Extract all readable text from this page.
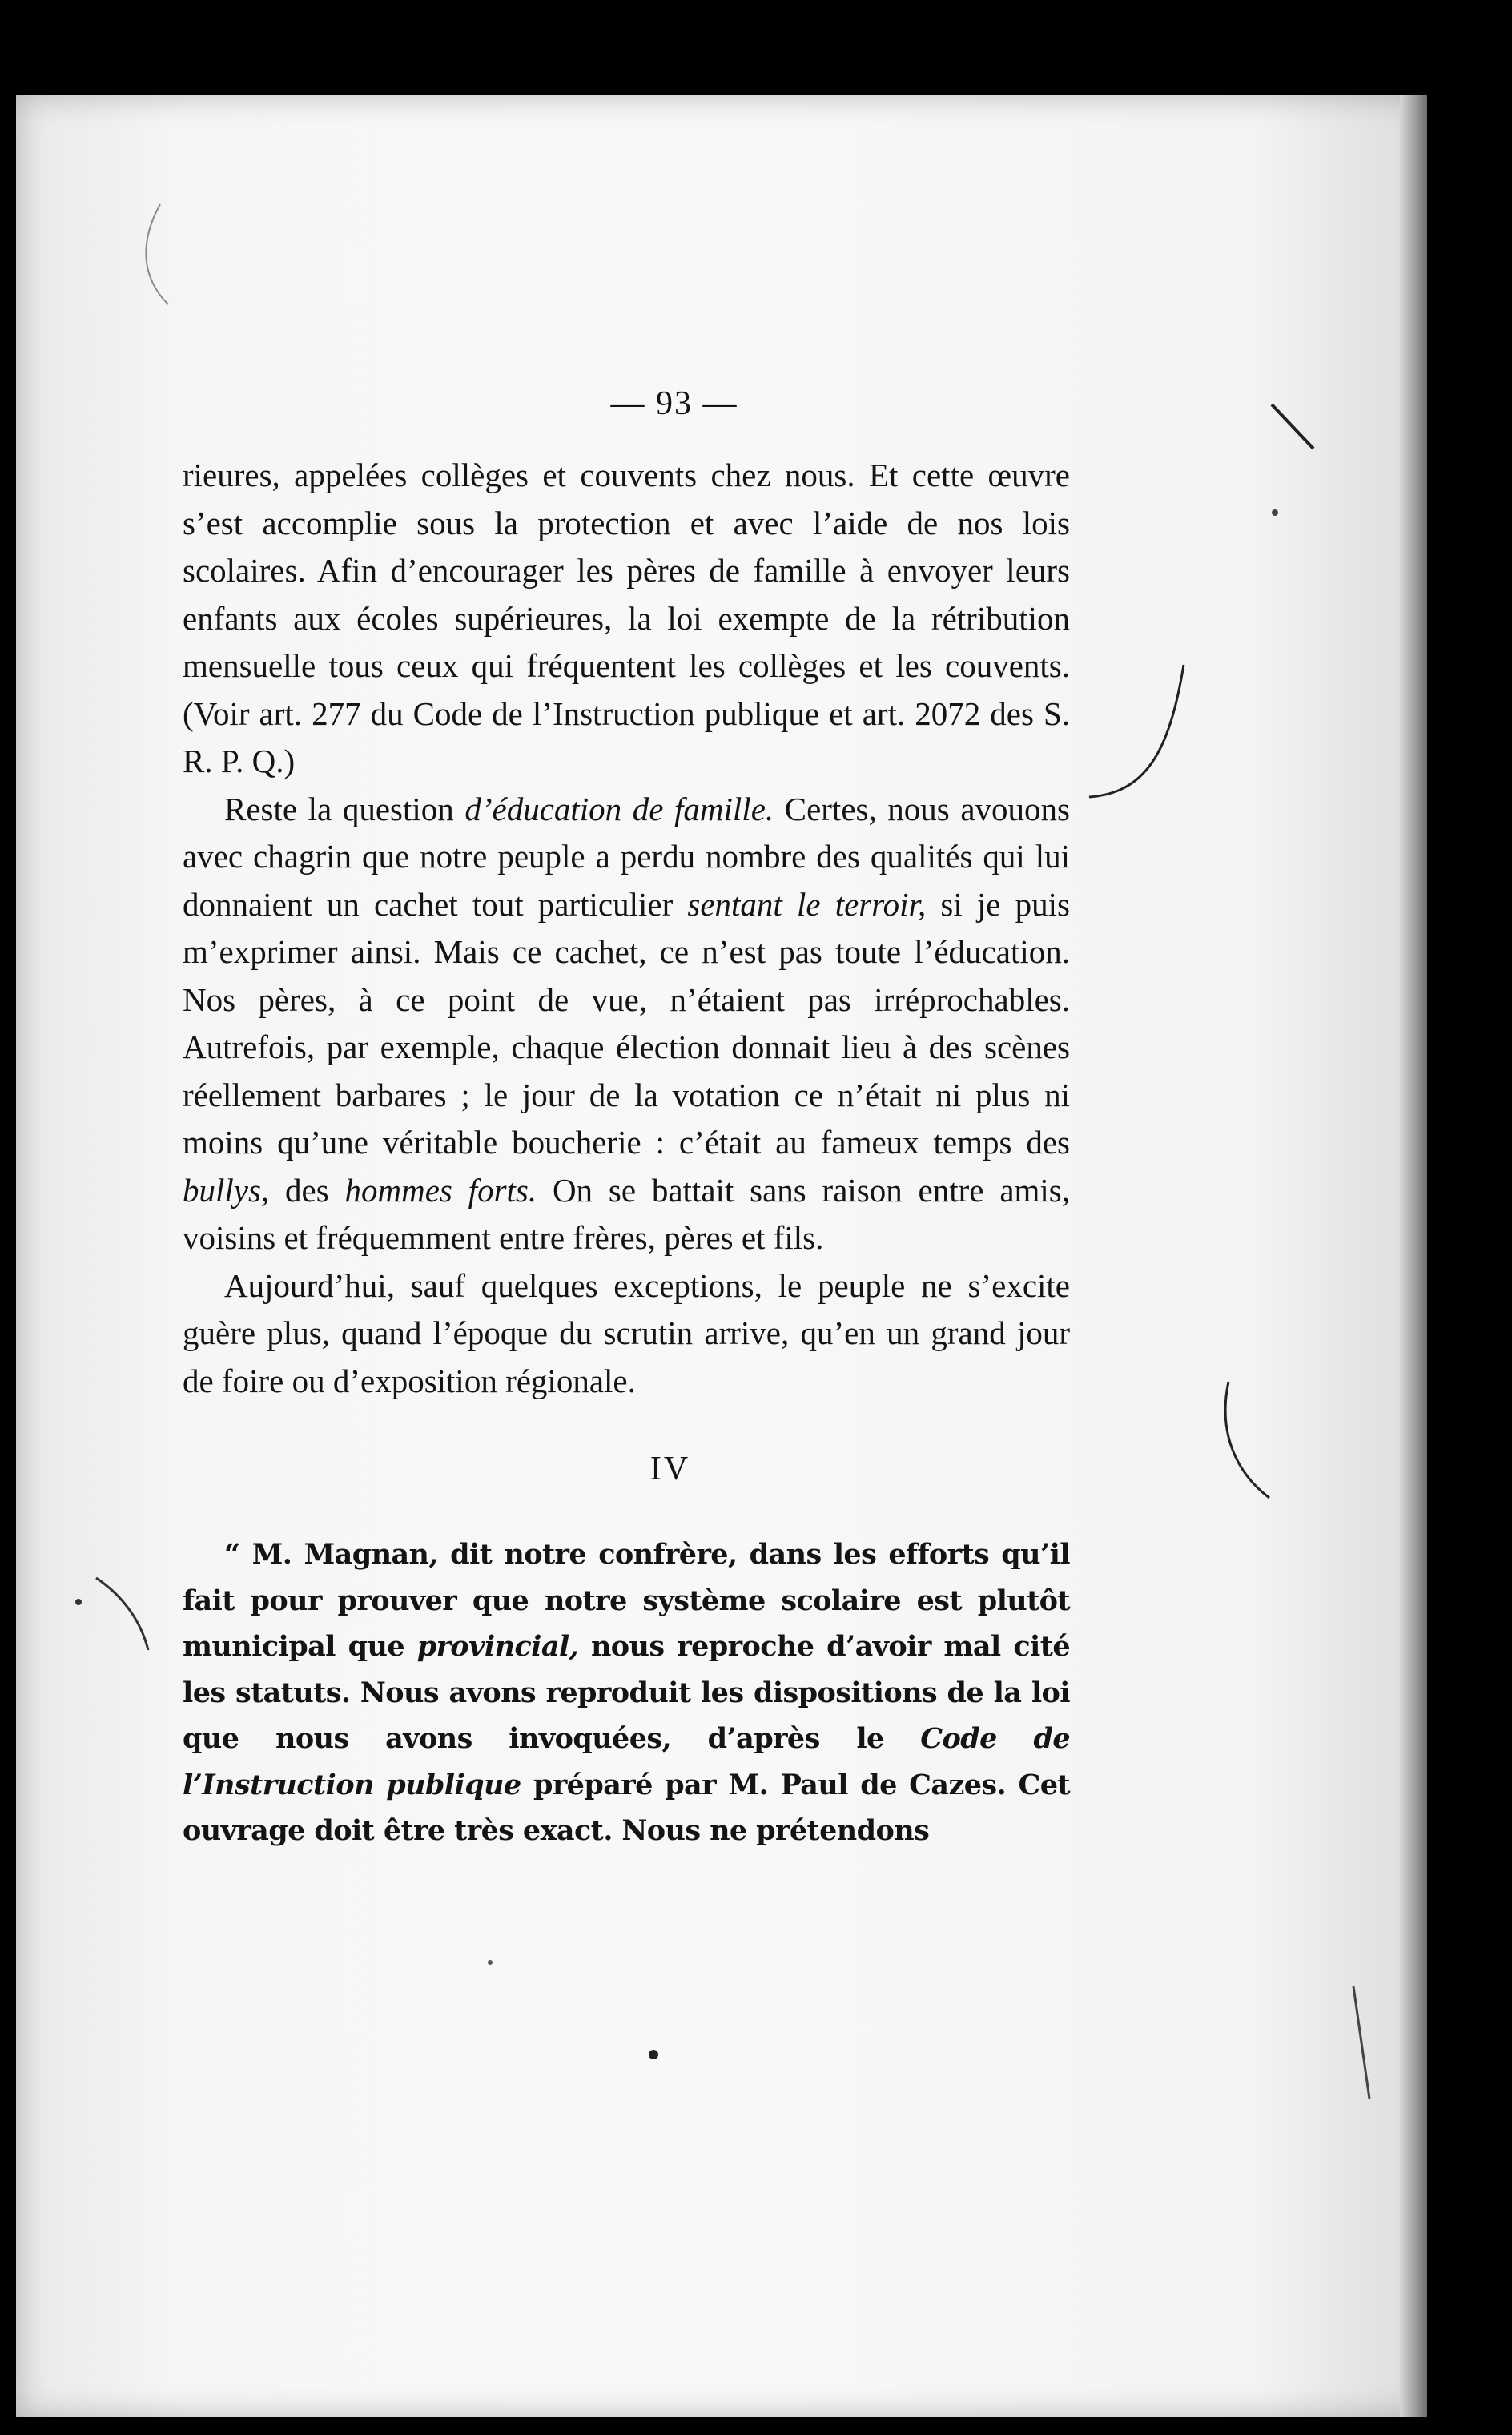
— 93 —

rieures, appelées collèges et couvents chez nous. Et cette œuvre s’est accomplie sous la protection et avec l’aide de nos lois scolaires. Afin d’encourager les pères de famille à envoyer leurs enfants aux écoles supérieures, la loi exempte de la rétribution mensuelle tous ceux qui fréquentent les collèges et les couvents. (Voir art. 277 du Code de l’Instruction publique et art. 2072 des S. R. P. Q.)

Reste la question d’éducation de famille. Certes, nous avouons avec chagrin que notre peuple a perdu nombre des qualités qui lui donnaient un cachet tout particulier sentant le terroir, si je puis m’exprimer ainsi. Mais ce cachet, ce n’est pas toute l’éducation. Nos pères, à ce point de vue, n’étaient pas irréprochables. Autrefois, par exemple, chaque élection donnait lieu à des scènes réellement barbares ; le jour de la votation ce n’était ni plus ni moins qu’une véritable boucherie : c’était au fameux temps des bullys, des hommes forts. On se battait sans raison entre amis, voisins et fréquemment entre frères, pères et fils.

Aujourd’hui, sauf quelques exceptions, le peuple ne s’excite guère plus, quand l’époque du scrutin arrive, qu’en un grand jour de foire ou d’exposition régionale.

IV

“ M. Magnan, dit notre confrère, dans les efforts qu’il fait pour prouver que notre système scolaire est plutôt municipal que provincial, nous reproche d’avoir mal cité les statuts. Nous avons reproduit les dispositions de la loi que nous avons invoquées, d’après le Code de l’Instruction publique préparé par M. Paul de Cazes. Cet ouvrage doit être très exact. Nous ne prétendons
